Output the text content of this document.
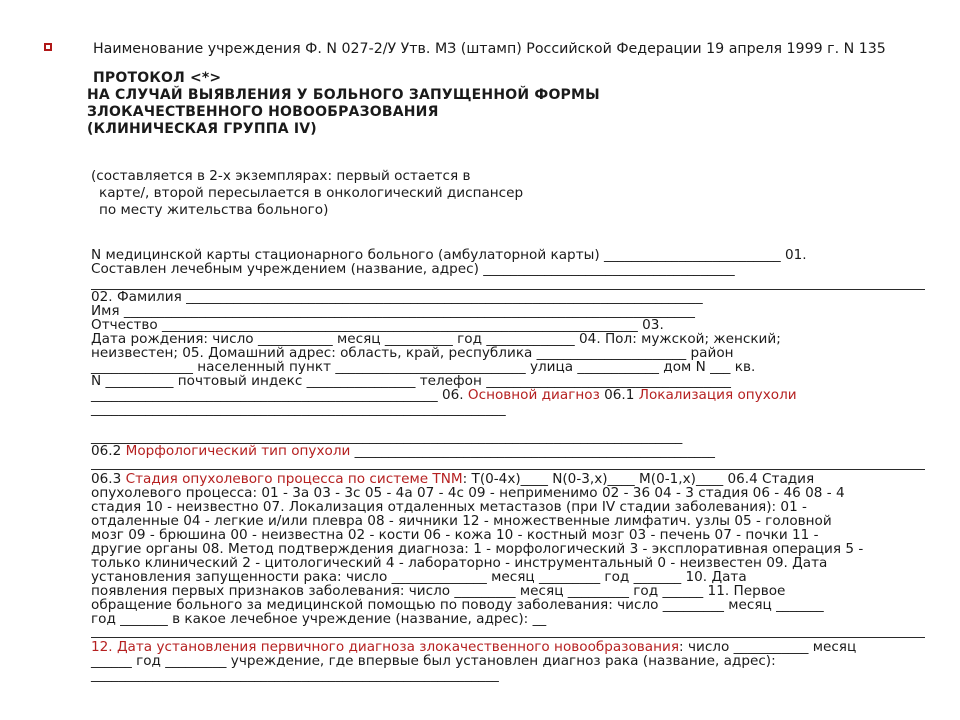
Наименование учреждения Ф. N 027-2/У Утв. МЗ (штамп) Российской Федерации 19 апреля 1999 г. N 135
ПРОТОКОЛ <*>
НА СЛУЧАЙ ВЫЯВЛЕНИЯ У БОЛЬНОГО ЗАПУЩЕННОЙ ФОРМЫ
ЗЛОКАЧЕСТВЕННОГО НОВООБРАЗОВАНИЯ
(КЛИНИЧЕСКАЯ ГРУППА IV)
(составляется в 2-х экземплярах: первый остается в
карте/, второй пересылается в онкологический диспансер
по месту жительства больного)
N медицинской карты стационарного больного (амбулаторной карты) __________________________ 01.
Составлен лечебным учреждением (название, адрес) _____________________________________
02. Фамилия ____________________________________________________________________________
Имя ____________________________________________________________________________________
Отчество ______________________________________________________________________ 03.
Дата рождения: число ___________ месяц __________ год _____________ 04. Пол: мужской; женский;
неизвестен; 05. Домашний адрес: область, край, республика ______________________ район
_______________ населенный пункт ____________________________ улица ____________ дом N ___ кв.
N __________ почтовый индекс ________________ телефон ____________________________________
___________________________________________________ 06. Основной диагноз 06.1 Локализация опухоли
_____________________________________________________________
_______________________________________________________________________________________
06.2 Морфологический тип опухоли _____________________________________________________
06.3 Стадия опухолевого процесса по системе TNM: T(0-4x)____ N(0-3,x)____ M(0-1,x)____ 06.4 Стадия
опухолевого процесса: 01 - 3a 03 - 3c 05 - 4a 07 - 4c 09 - неприменимо 02 - 36 04 - 3 стадия 06 - 46 08 - 4
стадия 10 - неизвестно 07. Локализация отдаленных метастазов (при IV стадии заболевания): 01 -
отдаленные 04 - легкие и/или плевра 08 - яичники 12 - множественные лимфатич. узлы 05 - головной
мозг 09 - брюшина 00 - неизвестна 02 - кости 06 - кожа 10 - костный мозг 03 - печень 07 - почки 11 -
другие органы 08. Метод подтверждения диагноза: 1 - морфологический 3 - эксплоративная операция 5 -
только клинический 2 - цитологический 4 - лабораторно - инструментальный 0 - неизвестен 09. Дата
установления запущенности рака: число ______________ месяц _________ год _______ 10. Дата
появления первых признаков заболевания: число _________ месяц _________ год ______ 11. Первое
обращение больного за медицинской помощью по поводу заболевания: число _________ месяц _______
год _______ в какое лечебное учреждение (название, адрес): __
12. Дата установления первичного диагноза злокачественного новообразования: число ___________ месяц
______ год _________ учреждение, где впервые был установлен диагноз рака (название, адрес):
____________________________________________________________
